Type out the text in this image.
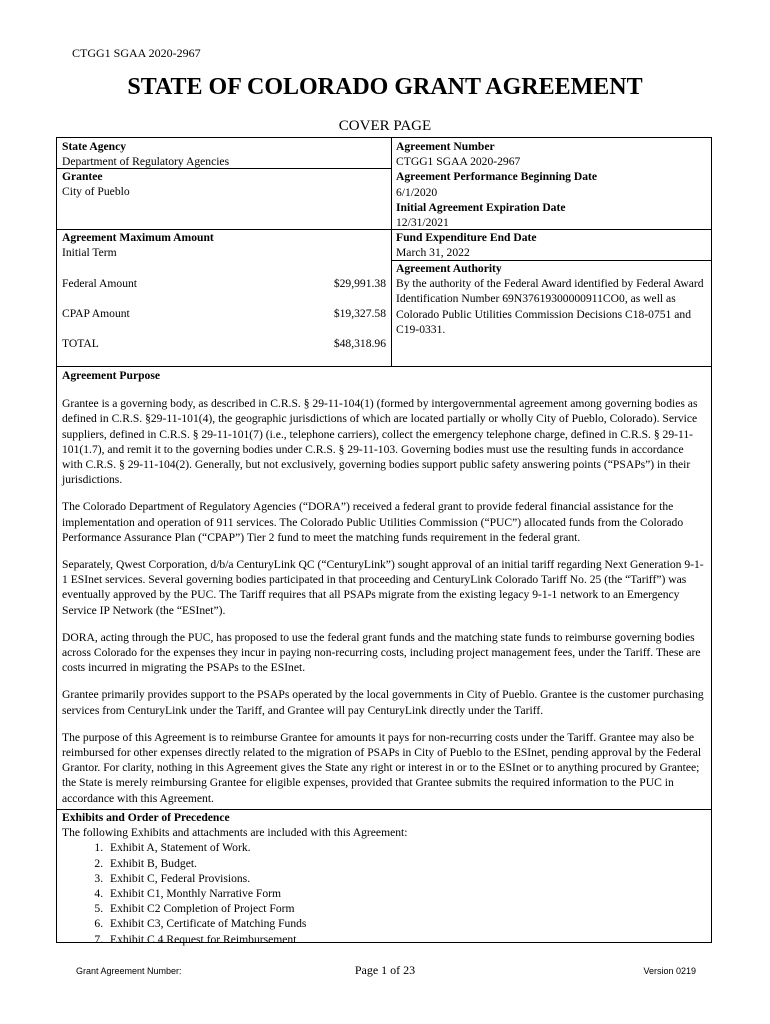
CTGG1 SGAA 2020-2967
STATE OF COLORADO GRANT AGREEMENT
COVER PAGE
State Agency
Department of Regulatory Agencies
Grantee
City of Pueblo
Agreement Maximum Amount
Initial Term
Federal Amount	$29,991.38
CPAP Amount	$19,327.58
TOTAL	$48,318.96
Agreement Number
CTGG1 SGAA 2020-2967
Agreement Performance Beginning Date
6/1/2020
Initial Agreement Expiration Date
12/31/2021
Fund Expenditure End Date
March 31, 2022
Agreement Authority
By the authority of the Federal Award identified by Federal Award Identification Number 69N37619300000911CO0, as well as Colorado Public Utilities Commission Decisions C18-0751 and C19-0331.
Agreement Purpose

Grantee is a governing body, as described in C.R.S. § 29-11-104(1) (formed by intergovernmental agreement among governing bodies as defined in C.R.S. §29-11-101(4), the geographic jurisdictions of which are located partially or wholly City of Pueblo, Colorado). Service suppliers, defined in C.R.S. § 29-11-101(7) (i.e., telephone carriers), collect the emergency telephone charge, defined in C.R.S. § 29-11-101(1.7), and remit it to the governing bodies under C.R.S. § 29-11-103. Governing bodies must use the resulting funds in accordance with C.R.S. § 29-11-104(2). Generally, but not exclusively, governing bodies support public safety answering points (“PSAPs”) in their jurisdictions.

The Colorado Department of Regulatory Agencies (“DORA”) received a federal grant to provide federal financial assistance for the implementation and operation of 911 services. The Colorado Public Utilities Commission (“PUC”) allocated funds from the Colorado Performance Assurance Plan (“CPAP”) Tier 2 fund to meet the matching funds requirement in the federal grant.

Separately, Qwest Corporation, d/b/a CenturyLink QC (“CenturyLink”) sought approval of an initial tariff regarding Next Generation 9-1-1 ESInet services. Several governing bodies participated in that proceeding and CenturyLink Colorado Tariff No. 25 (the “Tariff”) was eventually approved by the PUC. The Tariff requires that all PSAPs migrate from the existing legacy 9-1-1 network to an Emergency Service IP Network (the “ESInet”).

DORA, acting through the PUC, has proposed to use the federal grant funds and the matching state funds to reimburse governing bodies across Colorado for the expenses they incur in paying non-recurring costs, including project management fees, under the Tariff. These are costs incurred in migrating the PSAPs to the ESInet.

Grantee primarily provides support to the PSAPs operated by the local governments in City of Pueblo. Grantee is the customer purchasing services from CenturyLink under the Tariff, and Grantee will pay CenturyLink directly under the Tariff.

The purpose of this Agreement is to reimburse Grantee for amounts it pays for non-recurring costs under the Tariff. Grantee may also be reimbursed for other expenses directly related to the migration of PSAPs in City of Pueblo to the ESInet, pending approval by the Federal Grantor. For clarity, nothing in this Agreement gives the State any right or interest in or to the ESInet or to anything procured by Grantee; the State is merely reimbursing Grantee for eligible expenses, provided that Grantee submits the required information to the PUC in accordance with this Agreement.

Exhibits and Order of Precedence
The following Exhibits and attachments are included with this Agreement:
1. Exhibit A, Statement of Work.
2. Exhibit B, Budget.
3. Exhibit C, Federal Provisions.
4. Exhibit C1, Monthly Narrative Form
5. Exhibit C2 Completion of Project Form
6. Exhibit C3, Certificate of Matching Funds
7. Exhibit C 4 Request for Reimbursement
Grant Agreement Number:	Page 1 of 23	Version 0219
